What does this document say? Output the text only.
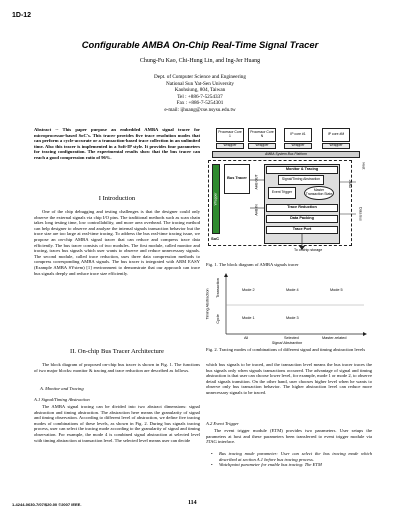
1D-12
Configurable AMBA On-Chip Real-Time Signal Tracer
Chung-Fu Kao, Chi-Hung Lin, and Ing-Jer Huang
Dept. of Computer Science and Engineering
National Sun Yat-Sen University
Kaohsiung, 804, Taiwan
Tel : +886-7-5254337
Fax : +886-7-5254301
e-mail: ijhuang@cse.nsysu.edu.tw
Abstract -- This paper purpose an embedded AMBA signal tracer for microprocessor-based SoC's. This tracer provides five trace resolution modes that can perform a cycle-accurate or a transaction-based trace collection in an unlimited time. Also this tracer is implemented in a Soft-IP style. It provides four parameters for tracing configuration. The experimental results show that the bus tracer can reach a good compression ratio of 96%.
I Introduction
One of the chip debugging and testing challenges is that the designer could only observe the external signals via chip I/O pins. The traditional methods such as scan chain takes long testing time, low controllability, and more area overhead. The tracing method can help designer to observe and analyze the internal signals transaction behavior but the trace size are too large at real-time tracing. To address the bus real-time tracing issue, we propose an on-chip AMBA signal tracer that can reduce and compress trace data efficiently. The bus tracer consists of two modules. The first module, called monitor and tracing, traces bus signals which user wants to observe and reduce unnecessary signals. The second module, called trace reduction, uses three data compression methods to compress corresponding AMBA signals. The bus tracer is integrated with ARM EASY (Example AMBA SYstem) [1] environment to demonstrate that our approach can trace bus signals deeply and reduce trace size efficiently.
II. On-chip Bus Tracer Architecture
The block diagram of proposed on-chip bus tracer is shown in Fig. 1. The functions of two major blocks: monitor & tracing and trace reduction are described as follows.
A. Monitor and Tracing
A.1 Signal/Timing Abstraction
The AMBA signal tracing can be divided into two abstract dimensions: signal abstraction and timing abstraction. The abstraction here means the granularity of signal and timing observation. According to different level of abstraction, we define five tracing modes of combinations of these levels, as shown in Fig. 2. During bus signals tracing process, user can select the tracing mode according to the granularity of signal and timing observation. For example, the mode 4 is combined signal abstraction at selected level with timing abstraction at transaction level. The selected level means user can decide
Processor Core 1
Processor Core N	IP core #1	IP core #M
Wrapper	Wrapper	Wrapper	Wrapper
AMBA System Bus Platform
SoC
Wrapper
Bus Tracer	AHB OUT
AHB IN
Monitor & Tracing
Signal/Timing Abstraction
Event Trigger	Master Transaction State
Trace Reduction
Data Packing
Trace Port
Host
JTAG
Data bus
To offchip storage
Fig. 1. The block diagram of AMBA signals tracer
Timing Abstraction
Transaction
Cycle
Mode 2	Mode 4	Mode 5
Mode 1	Mode 3
All	Selected	Master-related
Signal Abstraction
Fig. 2. Tracing modes of combinations of different signal and timing abstraction levels
which bus signals to be traced, and the transaction level means the bus tracer traces the bus signals only when signals transactions occurred. The advantage of signal and timing abstraction is that user can choose lower level, for example, mode 1 or mode 2, to observe detail signals transition. On the other hand, user chooses higher level when he wants to observe only bus transaction behavior. The higher abstraction level can reduce more unnecessary signals to be traced.
A.2 Event Trigger
The event trigger module (ETM) provides two parameters. User setups the parameters at host and these parameters been transferred to event trigger module via JTAG interface.
• Bus tracing mode parameter: User can select the bus tracing mode which described at section A.1 before bus tracing process.
• Watchpoint parameter for enable bus tracing: The ETM
1-4244-0630-7/07/$20.00 ©2007 IEEE.	114
